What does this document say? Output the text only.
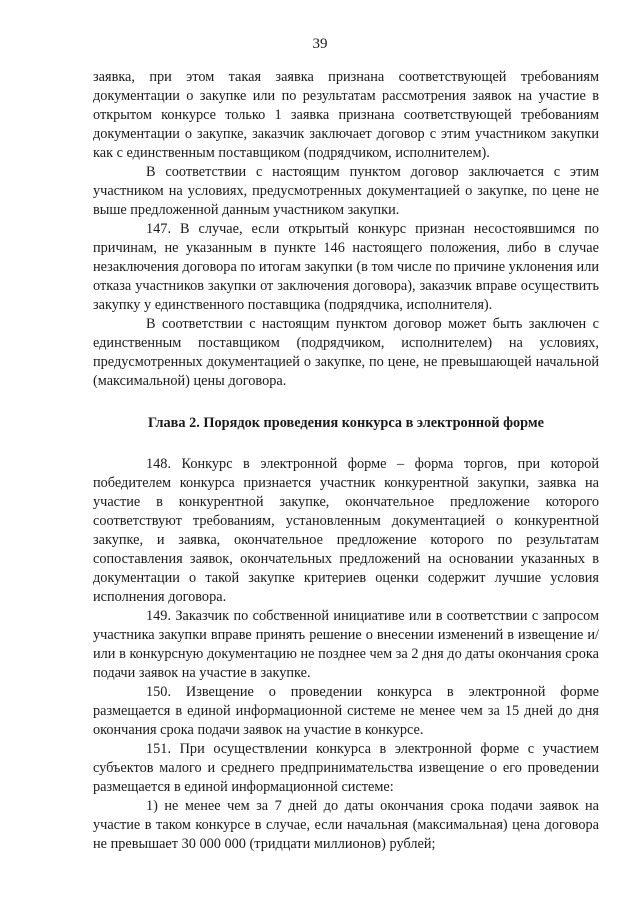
39

заявка, при этом такая заявка признана соответствующей требованиям документации о закупке или по результатам рассмотрения заявок на участие в открытом конкурсе только 1 заявка признана соответствующей требованиям документации о закупке, заказчик заключает договор с этим участником закупки как с единственным поставщиком (подрядчиком, исполнителем).

В соответствии с настоящим пунктом договор заключается с этим участником на условиях, предусмотренных документацией о закупке, по цене не выше предложенной данным участником закупки.

147. В случае, если открытый конкурс признан несостоявшимся по причинам, не указанным в пункте 146 настоящего положения, либо в случае незаключения договора по итогам закупки (в том числе по причине уклонения или отказа участников закупки от заключения договора), заказчик вправе осуществить закупку у единственного поставщика (подрядчика, исполнителя).

В соответствии с настоящим пунктом договор может быть заключен с единственным поставщиком (подрядчиком, исполнителем) на условиях, предусмотренных документацией о закупке, по цене, не превышающей начальной (максимальной) цены договора.

Глава 2. Порядок проведения конкурса в электронной форме

148. Конкурс в электронной форме – форма торгов, при которой победителем конкурса признается участник конкурентной закупки, заявка на участие в конкурентной закупке, окончательное предложение которого соответствуют требованиям, установленным документацией о конкурентной закупке, и заявка, окончательное предложение которого по результатам сопоставления заявок, окончательных предложений на основании указанных в документации о такой закупке критериев оценки содержит лучшие условия исполнения договора.

149. Заказчик по собственной инициативе или в соответствии с запросом участника закупки вправе принять решение о внесении изменений в извещение и/или в конкурсную документацию не позднее чем за 2 дня до даты окончания срока подачи заявок на участие в закупке.

150. Извещение о проведении конкурса в электронной форме размещается в единой информационной системе не менее чем за 15 дней до дня окончания срока подачи заявок на участие в конкурсе.

151. При осуществлении конкурса в электронной форме с участием субъектов малого и среднего предпринимательства извещение о его проведении размещается в единой информационной системе:

1) не менее чем за 7 дней до даты окончания срока подачи заявок на участие в таком конкурсе в случае, если начальная (максимальная) цена договора не превышает 30 000 000 (тридцати миллионов) рублей;
